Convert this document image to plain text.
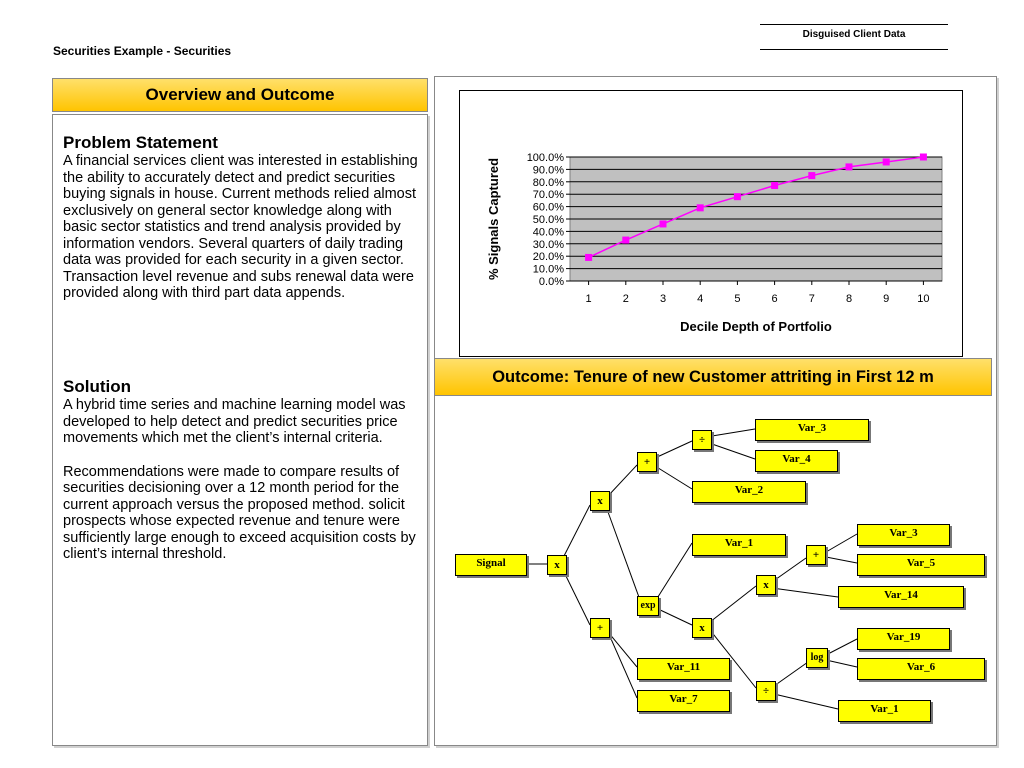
Disguised Client Data
Securities Example - Securities
Problem Statement
A financial services client was interested in establishing the ability to accurately detect and predict securities buying signals in house. Current methods relied almost exclusively on general sector knowledge along with basic sector statistics and trend analysis provided by information vendors. Several quarters of daily trading data was provided for each security in a given sector. Transaction level revenue and subs renewal data were provided along with third part data appends.
Solution
A hybrid time series and machine learning model was developed to help detect and predict securities price movements which met the client’s internal criteria.
Recommendations were made to compare results of securities decisioning over a 12 month period for the current approach versus the proposed method. solicit prospects whose expected revenue and tenure were sufficiently large enough to exceed acquisition costs by client’s internal threshold.
Overview and Outcome
0.0%
10.0%
20.0%
30.0%
40.0%
50.0%
60.0%
70.0%
80.0%
90.0%
100.0%
1	2	3	4	5	6	7	8	9	10
Decile Depth of Portfolio
% Signals Captured
Outcome: Tenure of new Customer attriting in First 12 m
Signal	x
x
+
÷
Var_3
Var_4
Var_2
Var_1
exp
+	x
x
+
Var_3
Var_5
Var_14
Var_19
log
Var_6
Var_11
Var_7
÷
Var_1
